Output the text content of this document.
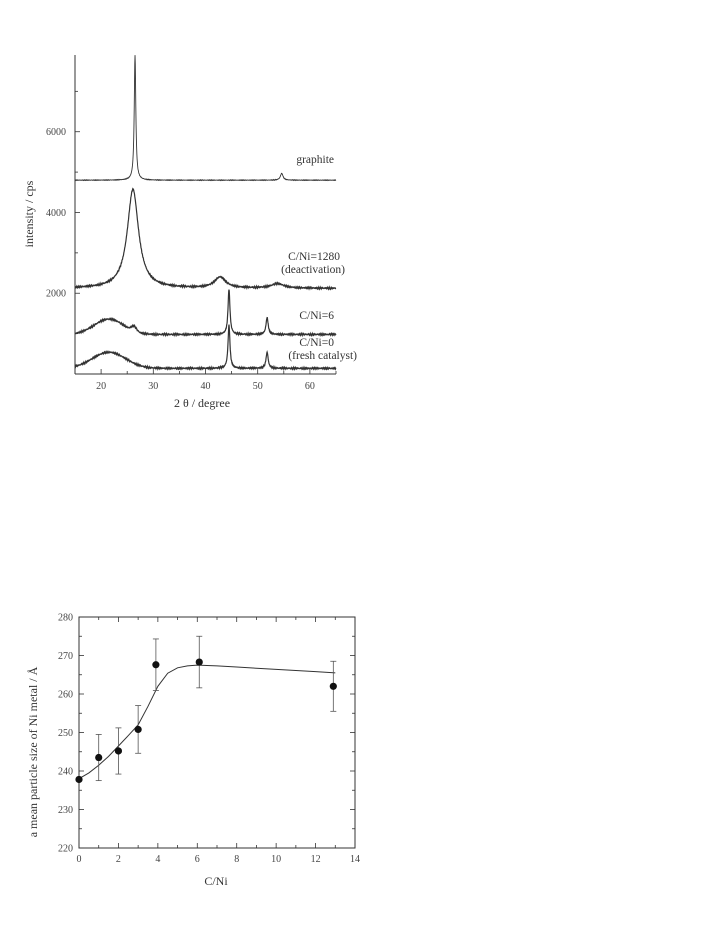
20	30	40	50	60
2000
4000
6000
2 θ / degree
intensity / cps
graphite
C/Ni=1280
(deactivation)
C/Ni=6
C/Ni=0
(fresh catalyst)
0	2	4	6	8	10	12	14
220
230
240
250
260
270
280
C/Ni
a mean particle size of Ni metal / Å
